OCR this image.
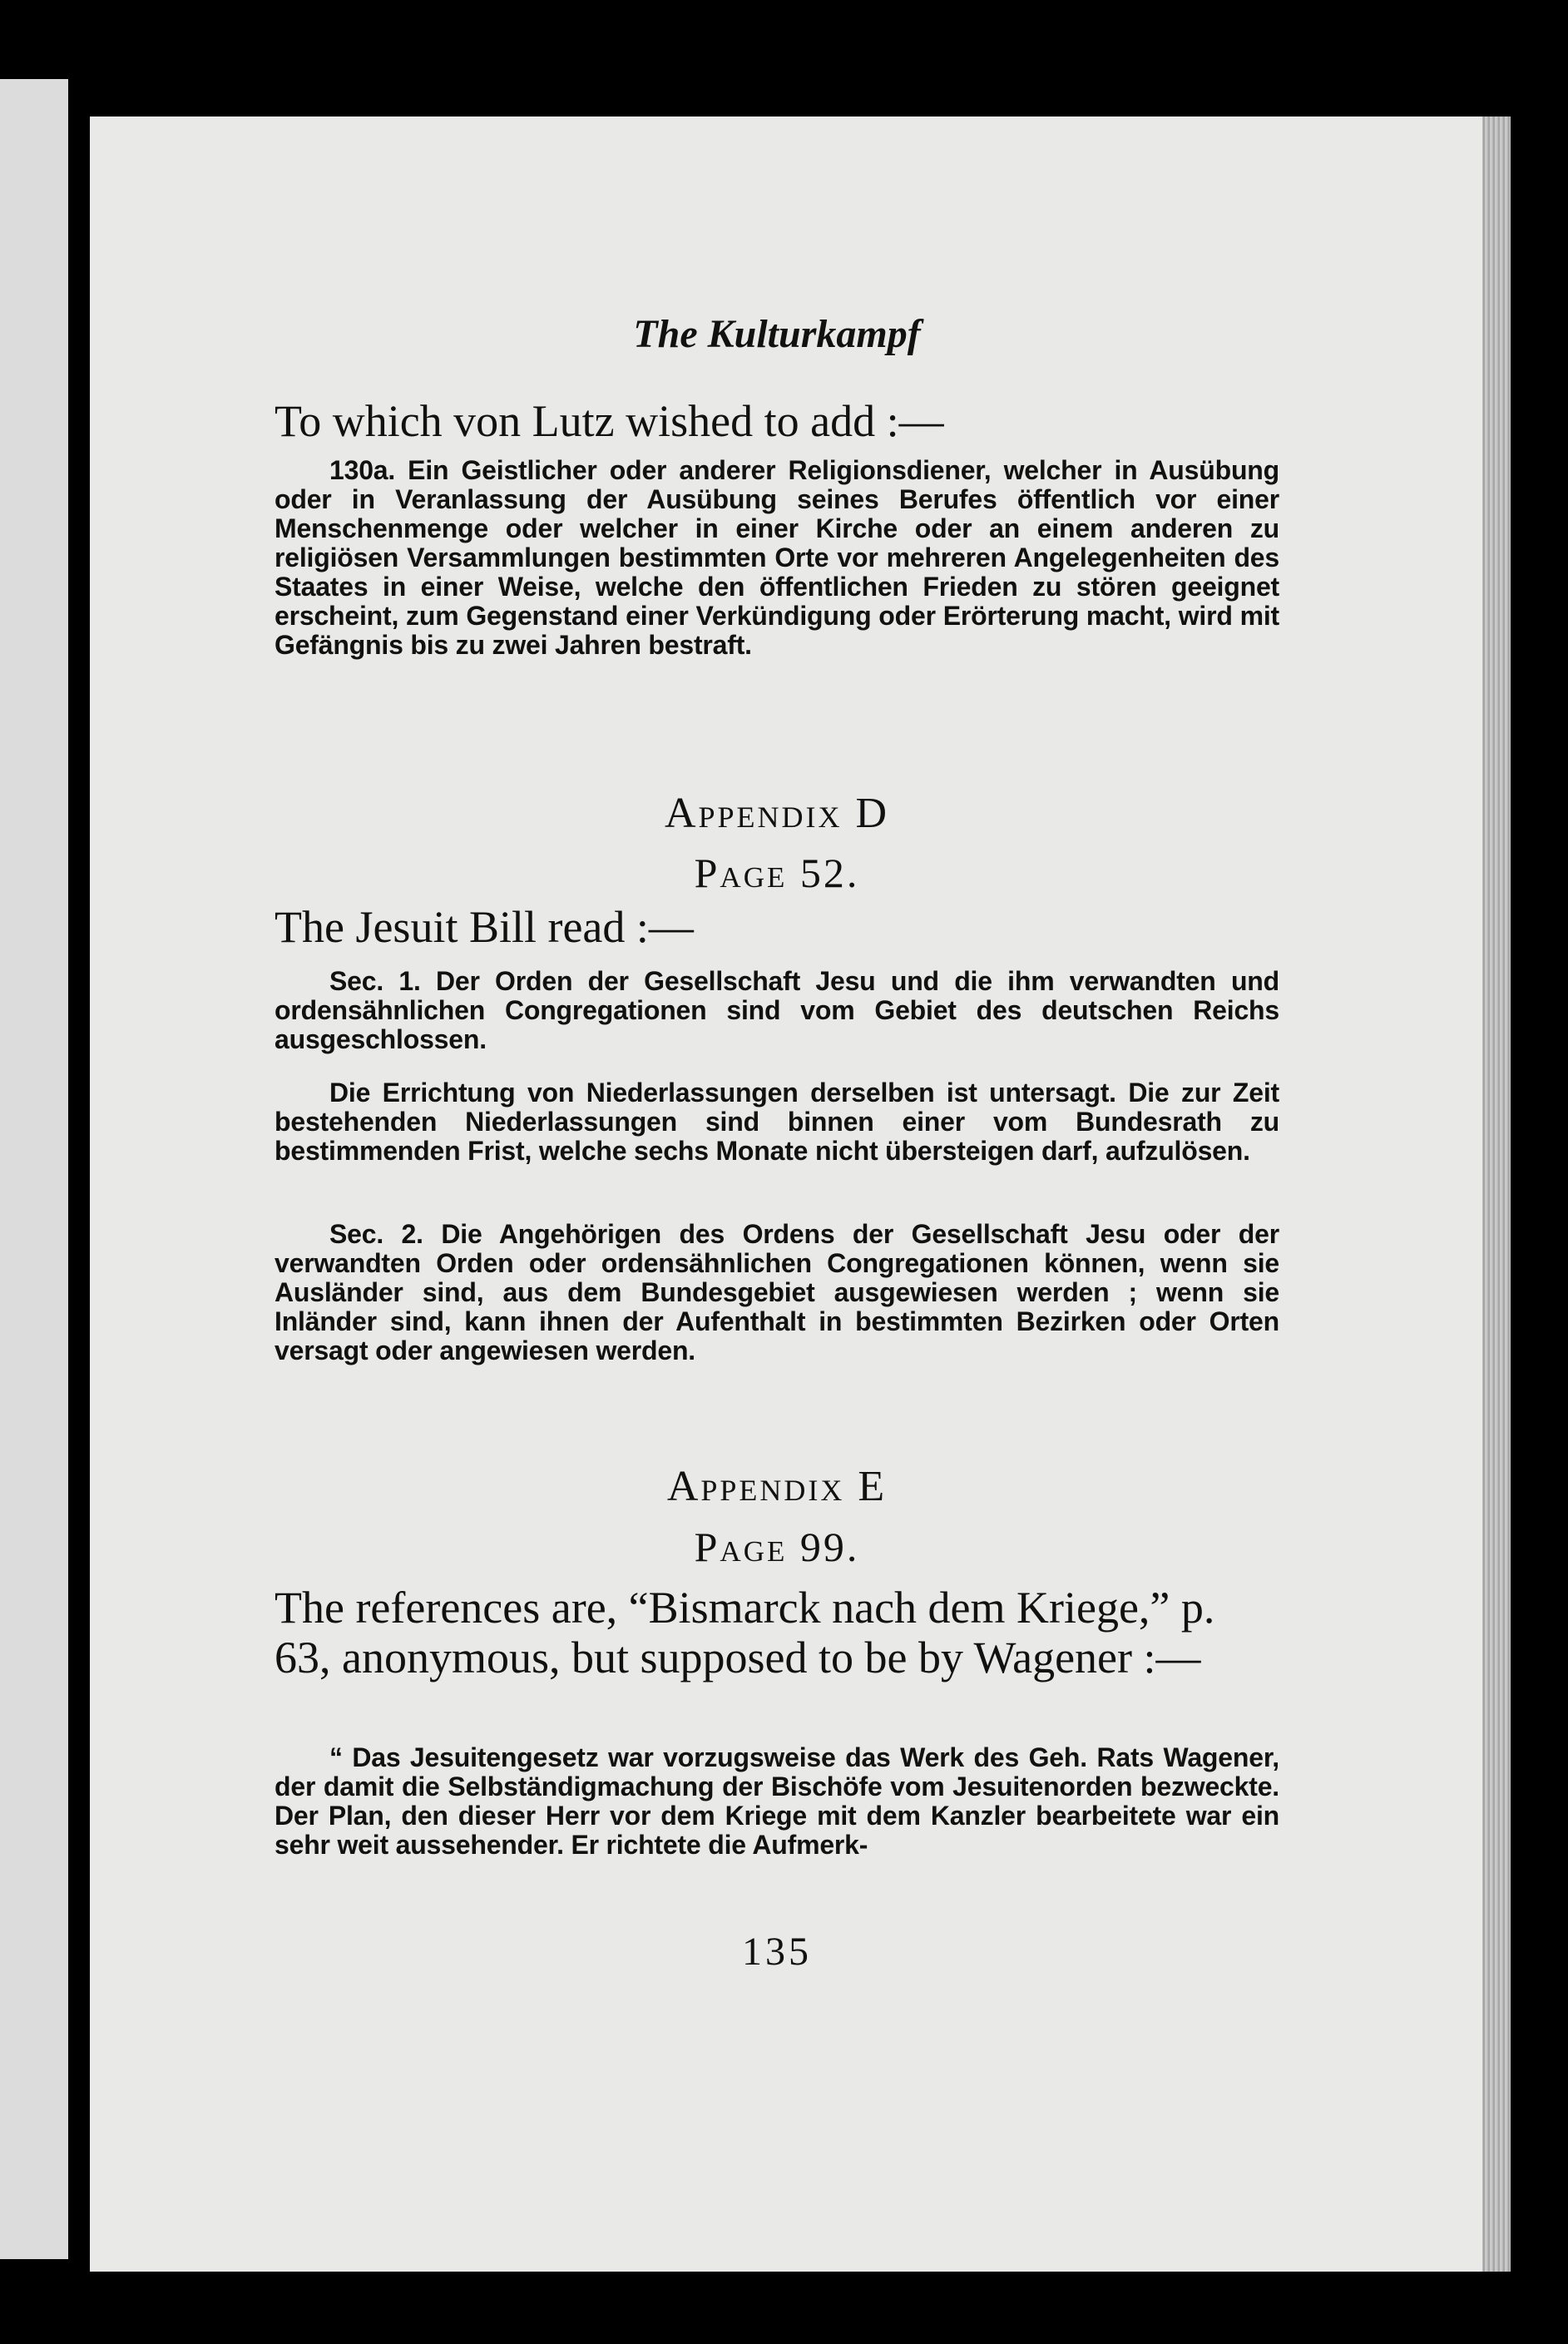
The Kulturkampf
To which von Lutz wished to add :—
130a. Ein Geistlicher oder anderer Religionsdiener, welcher in Ausübung oder in Veranlassung der Ausübung seines Berufes öffentlich vor einer Menschenmenge oder welcher in einer Kirche oder an einem anderen zu religiösen Versammlungen bestimmten Orte vor mehreren Angelegenheiten des Staates in einer Weise, welche den öffentlichen Frieden zu stören geeignet erscheint, zum Gegenstand einer Verkündigung oder Erörterung macht, wird mit Gefängnis bis zu zwei Jahren bestraft.
Appendix D
Page 52.
The Jesuit Bill read :—
Sec. 1. Der Orden der Gesellschaft Jesu und die ihm verwandten und ordensähnlichen Congregationen sind vom Gebiet des deutschen Reichs ausgeschlossen.
Die Errichtung von Niederlassungen derselben ist untersagt. Die zur Zeit bestehenden Niederlassungen sind binnen einer vom Bundesrath zu bestimmenden Frist, welche sechs Monate nicht übersteigen darf, aufzulösen.
Sec. 2. Die Angehörigen des Ordens der Gesellschaft Jesu oder der verwandten Orden oder ordensähnlichen Congregationen können, wenn sie Ausländer sind, aus dem Bundesgebiet ausgewiesen werden ; wenn sie Inländer sind, kann ihnen der Aufenthalt in bestimmten Bezirken oder Orten versagt oder angewiesen werden.
Appendix E
Page 99.
The references are, “Bismarck nach dem Kriege,” p. 63, anonymous, but supposed to be by Wagener :—
“ Das Jesuitengesetz war vorzugsweise das Werk des Geh. Rats Wagener, der damit die Selbständigmachung der Bischöfe vom Jesuitenorden bezweckte. Der Plan, den dieser Herr vor dem Kriege mit dem Kanzler bearbeitete war ein sehr weit aussehender. Er richtete die Aufmerk-
135
